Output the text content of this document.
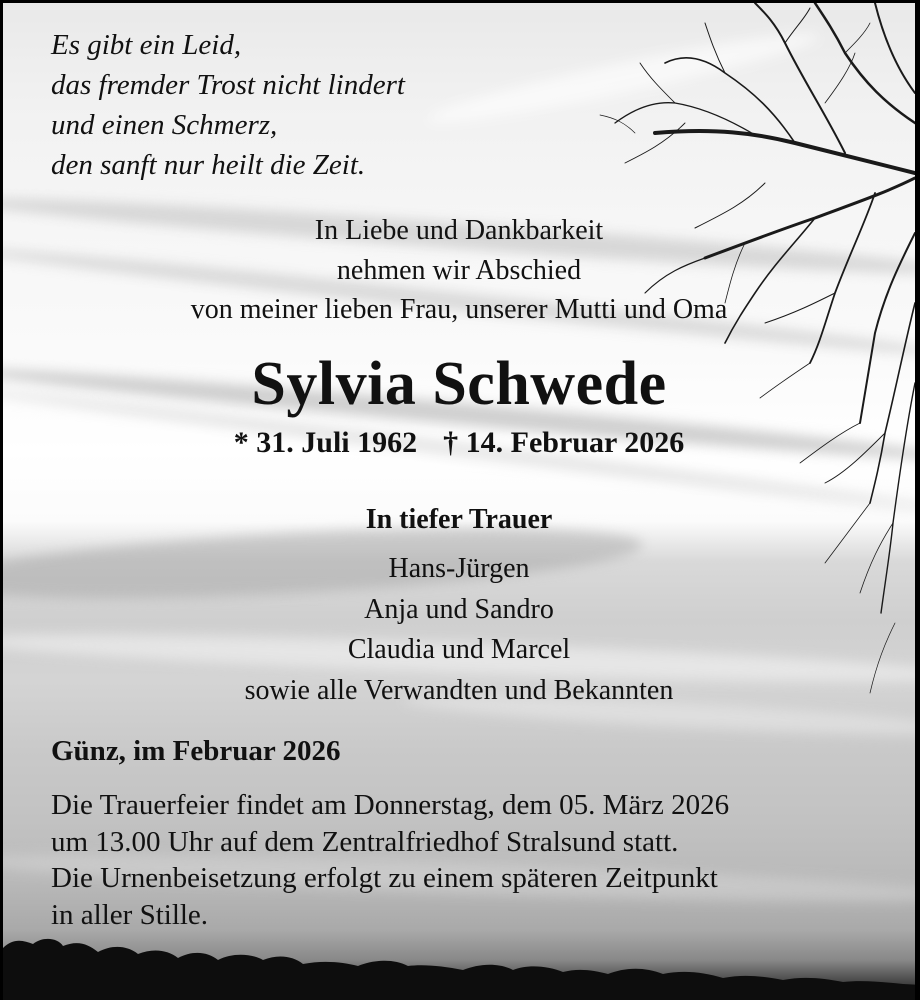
Es gibt ein Leid,
das fremder Trost nicht lindert
und einen Schmerz,
den sanft nur heilt die Zeit.
In Liebe und Dankbarkeit
nehmen wir Abschied
von meiner lieben Frau, unserer Mutti und Oma
Sylvia Schwede
* 31. Juli 1962 † 14. Februar 2026
In tiefer Trauer
Hans-Jürgen
Anja und Sandro
Claudia und Marcel
sowie alle Verwandten und Bekannten
Günz, im Februar 2026
Die Trauerfeier findet am Donnerstag, dem 05. März 2026
um 13.00 Uhr auf dem Zentralfriedhof Stralsund statt.
Die Urnenbeisetzung erfolgt zu einem späteren Zeitpunkt
in aller Stille.
